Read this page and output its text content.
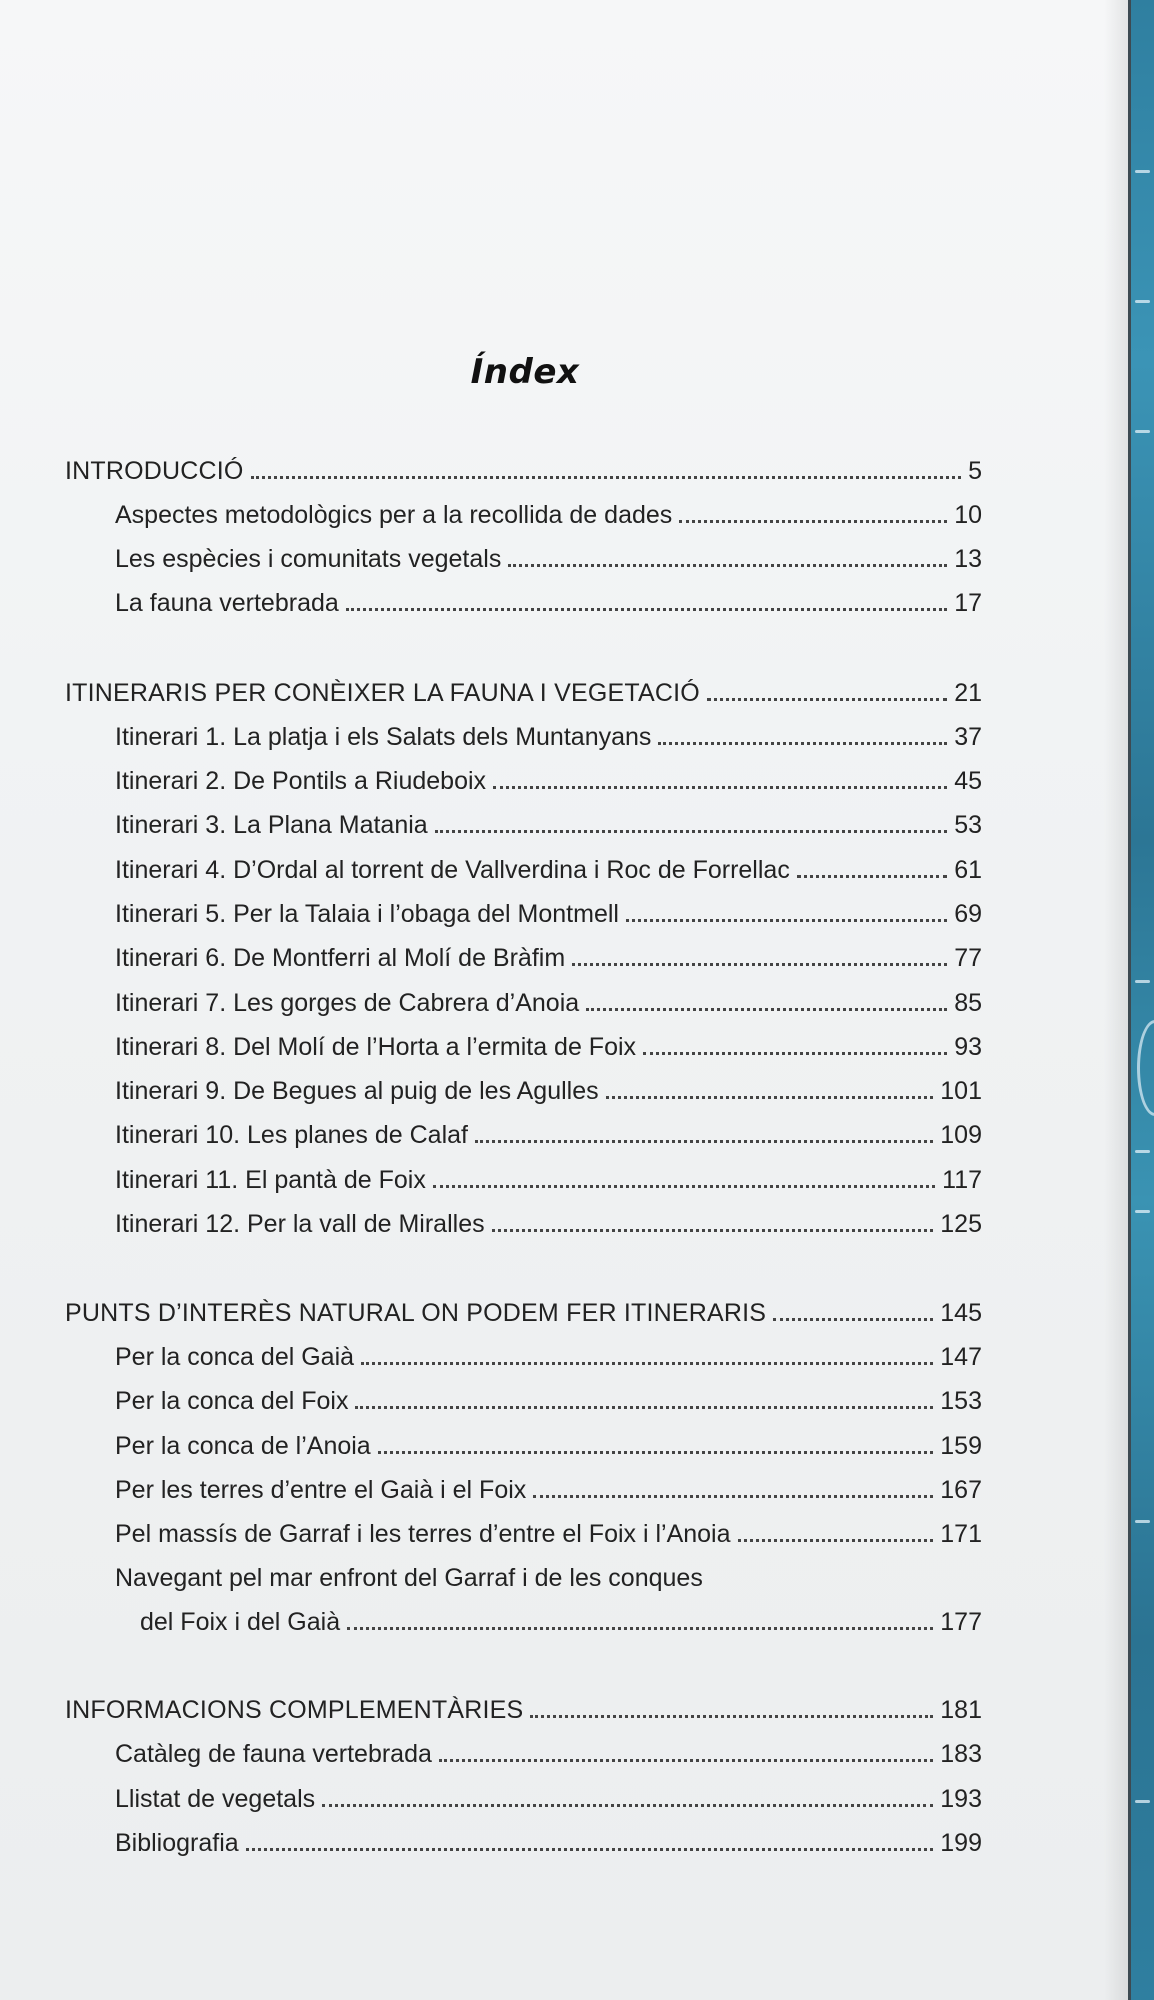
Índex
INTRODUCCIÓ	5
Aspectes metodològics per a la recollida de dades	10
Les espècies i comunitats vegetals	13
La fauna vertebrada	17
ITINERARIS PER CONÈIXER LA FAUNA I VEGETACIÓ	21
Itinerari 1. La platja i els Salats dels Muntanyans	37
Itinerari 2. De Pontils a Riudeboix	45
Itinerari 3. La Plana Matania	53
Itinerari 4. D’Ordal al torrent de Vallverdina i Roc de Forrellac	61
Itinerari 5. Per la Talaia i l’obaga del Montmell	69
Itinerari 6. De Montferri al Molí de Bràfim	77
Itinerari 7. Les gorges de Cabrera d’Anoia	85
Itinerari 8. Del Molí de l’Horta a l’ermita de Foix	93
Itinerari 9. De Begues al puig de les Agulles	101
Itinerari 10. Les planes de Calaf	109
Itinerari 11. El pantà de Foix	117
Itinerari 12. Per la vall de Miralles	125
PUNTS D’INTERÈS NATURAL ON PODEM FER ITINERARIS	145
Per la conca del Gaià	147
Per la conca del Foix	153
Per la conca de l’Anoia	159
Per les terres d’entre el Gaià i el Foix	167
Pel massís de Garraf i les terres d’entre el Foix i l’Anoia	171
Navegant pel mar enfront del Garraf i de les conques
del Foix i del Gaià	177
INFORMACIONS COMPLEMENTÀRIES	181
Catàleg de fauna vertebrada	183
Llistat de vegetals	193
Bibliografia	199
